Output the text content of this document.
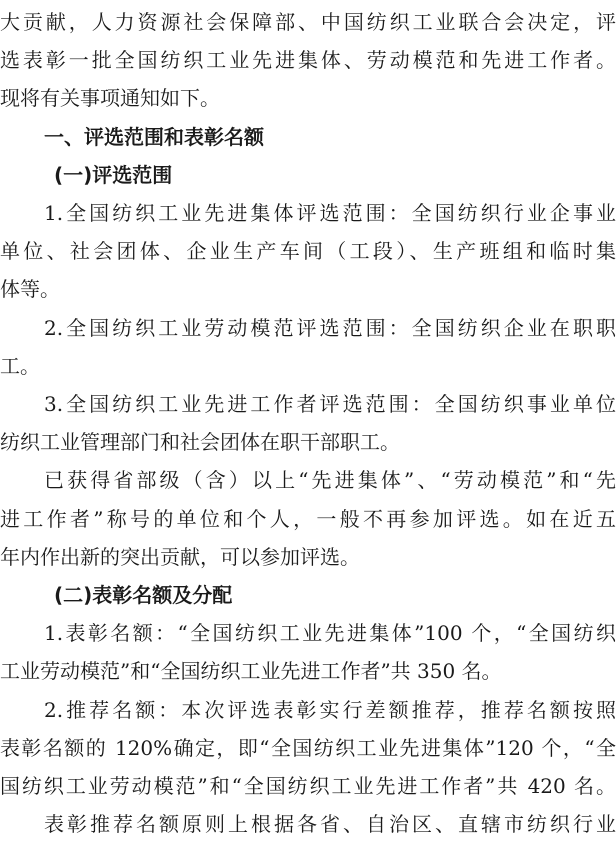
大贡献，人力资源社会保障部、中国纺织工业联合会决定，评
选表彰一批全国纺织工业先进集体、劳动模范和先进工作者。
现将有关事项通知如下。
一、评选范围和表彰名额
(一)评选范围
1.全国纺织工业先进集体评选范围：全国纺织行业企事业
单位、社会团体、企业生产车间（工段）、生产班组和临时集
体等。
2.全国纺织工业劳动模范评选范围：全国纺织企业在职职
工。
3.全国纺织工业先进工作者评选范围：全国纺织事业单位
纺织工业管理部门和社会团体在职干部职工。
已获得省部级（含）以上“先进集体”、“劳动模范”和“先
进工作者”称号的单位和个人，一般不再参加评选。如在近五
年内作出新的突出贡献，可以参加评选。
(二)表彰名额及分配
1.表彰名额：“全国纺织工业先进集体”100 个，“全国纺织
工业劳动模范”和“全国纺织工业先进工作者”共 350 名。
2.推荐名额：本次评选表彰实行差额推荐，推荐名额按照
表彰名额的 120%确定，即“全国纺织工业先进集体”120 个，“全
国纺织工业劳动模范”和“全国纺织工业先进工作者”共 420 名。
表彰推荐名额原则上根据各省、自治区、直辖市纺织行业
